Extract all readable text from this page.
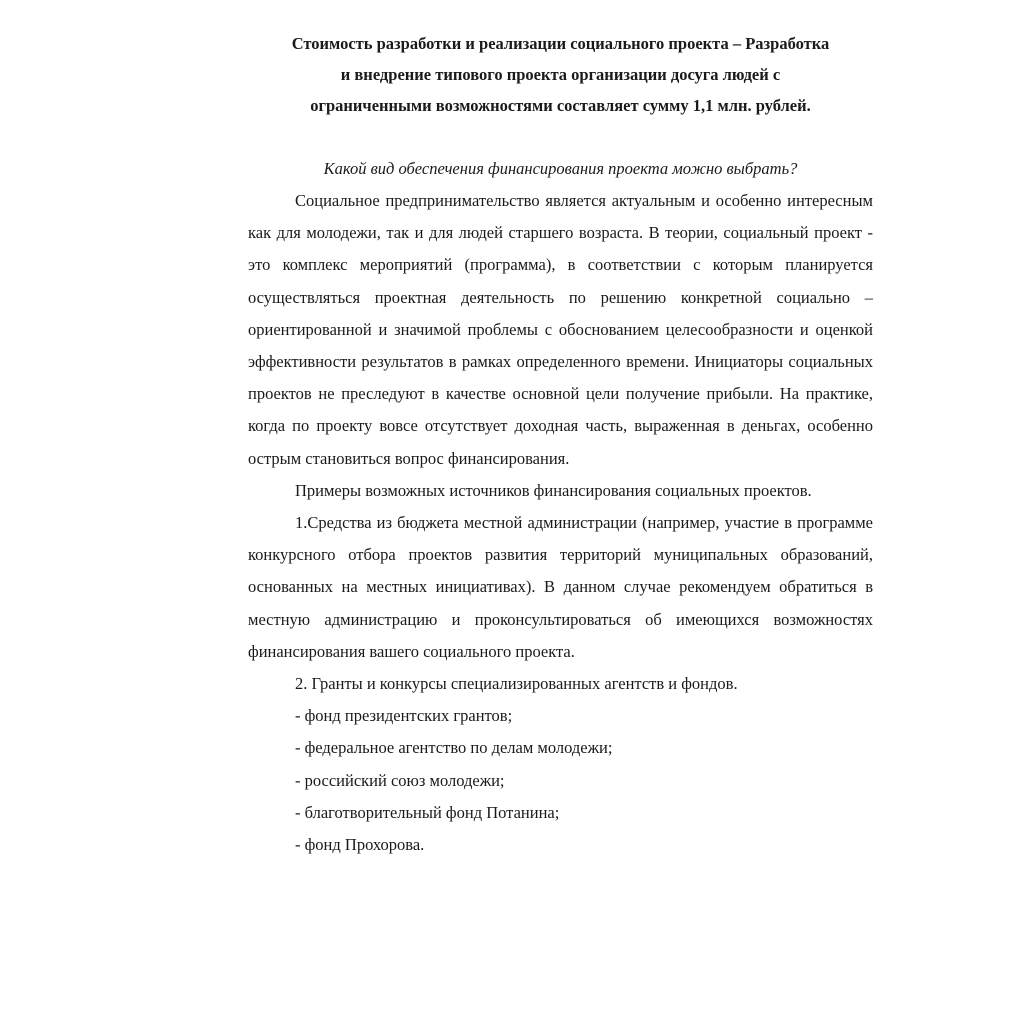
Стоимость разработки и реализации социального проекта – Разработка
и внедрение типового проекта организации досуга людей с
ограниченными возможностями составляет сумму 1,1 млн. рублей.
Какой вид обеспечения финансирования проекта можно выбрать?

Социальное предпринимательство является актуальным и особенно интересным как для молодежи, так и для людей старшего возраста. В теории, социальный проект - это комплекс мероприятий (программа), в соответствии с которым планируется осуществляться проектная деятельность по решению конкретной социально – ориентированной и значимой проблемы с обоснованием целесообразности и оценкой эффективности результатов в рамках определенного времени. Инициаторы социальных проектов не преследуют в качестве основной цели получение прибыли. На практике, когда по проекту вовсе отсутствует доходная часть, выраженная в деньгах, особенно острым становиться вопрос финансирования.

Примеры возможных источников финансирования социальных проектов.

1.Средства из бюджета местной администрации (например, участие в программе конкурсного отбора проектов развития территорий муниципальных образований, основанных на местных инициативах). В данном случае рекомендуем обратиться в местную администрацию и проконсультироваться об имеющихся возможностях финансирования вашего социального проекта.

2. Гранты и конкурсы специализированных агентств и фондов.

- фонд президентских грантов;
- федеральное агентство по делам молодежи;
- российский союз молодежи;
- благотворительный фонд Потанина;
- фонд Прохорова.
